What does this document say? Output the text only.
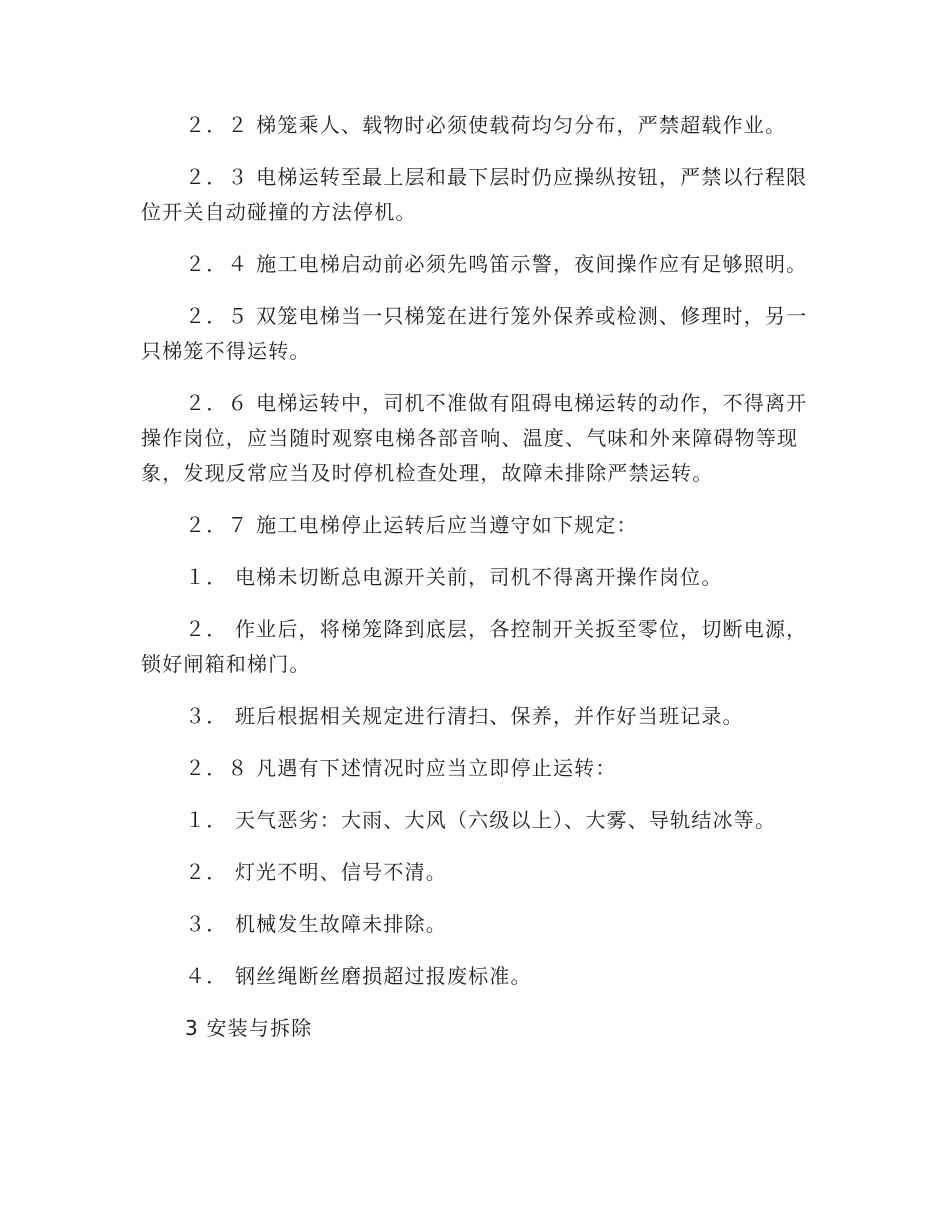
２．２ 梯笼乘人、载物时必须使载荷均匀分布，严禁超载作业。

２．３ 电梯运转至最上层和最下层时仍应操纵按钮，严禁以行程限位开关自动碰撞的方法停机。

２．４ 施工电梯启动前必须先鸣笛示警，夜间操作应有足够照明。

２．５ 双笼电梯当一只梯笼在进行笼外保养或检测、修理时，另一只梯笼不得运转。

２．６ 电梯运转中，司机不准做有阻碍电梯运转的动作，不得离开操作岗位，应当随时观察电梯各部音响、温度、气味和外来障碍物等现象，发现反常应当及时停机检查处理，故障未排除严禁运转。

２．７ 施工电梯停止运转后应当遵守如下规定：

１． 电梯未切断总电源开关前，司机不得离开操作岗位。

２． 作业后，将梯笼降到底层，各控制开关扳至零位，切断电源，锁好闸箱和梯门。

３． 班后根据相关规定进行清扫、保养，并作好当班记录。

２．８ 凡遇有下述情况时应当立即停止运转：

１． 天气恶劣：大雨、大风（六级以上）、大雾、导轨结冰等。

２． 灯光不明、信号不清。

３． 机械发生故障未排除。

４． 钢丝绳断丝磨损超过报废标准。

3 安装与拆除
